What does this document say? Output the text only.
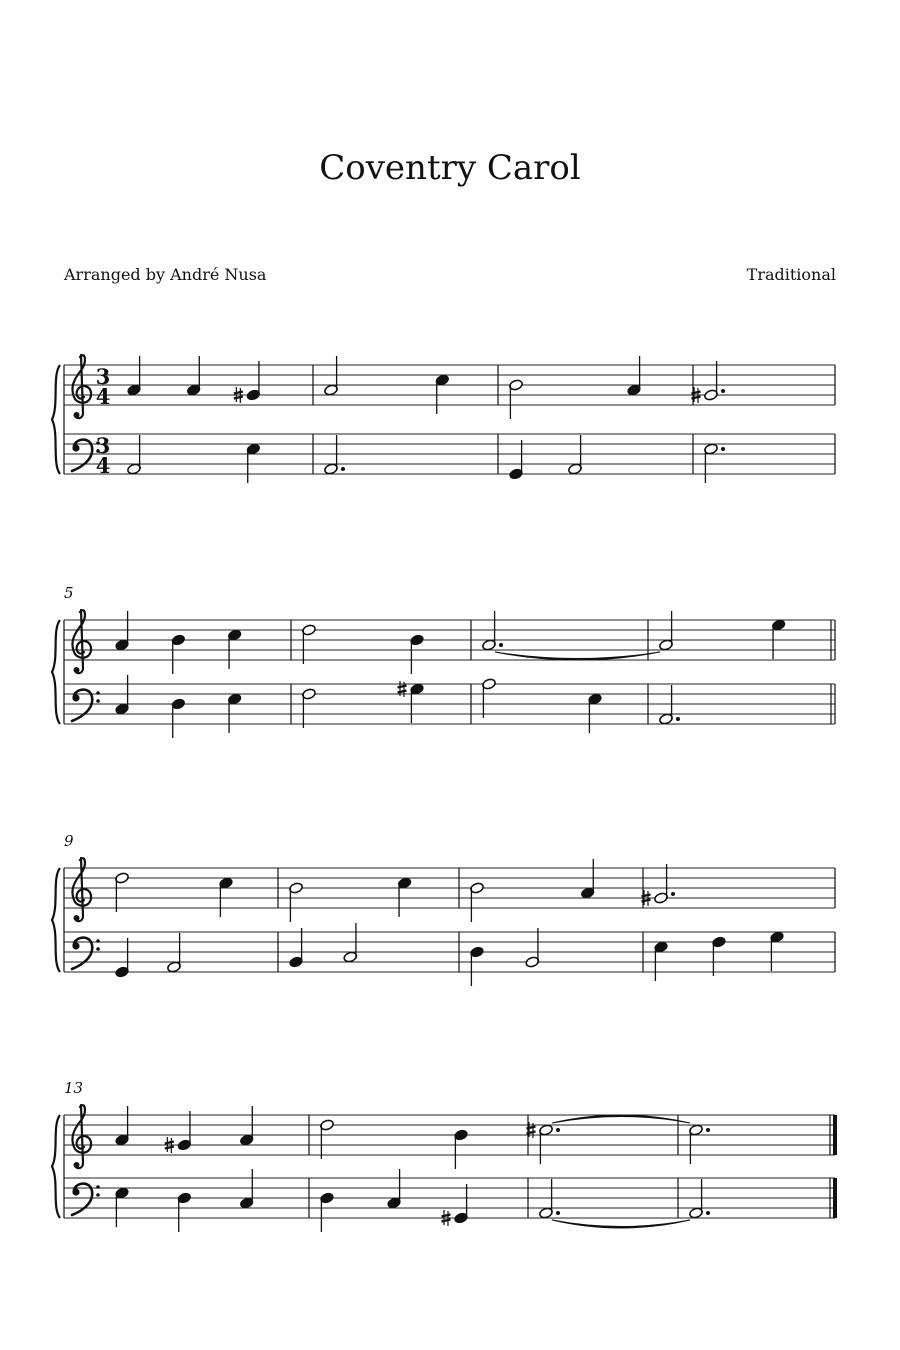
Coventry Carol
Arranged by André Nusa	Traditional
3
4
3
4
5
9
13
